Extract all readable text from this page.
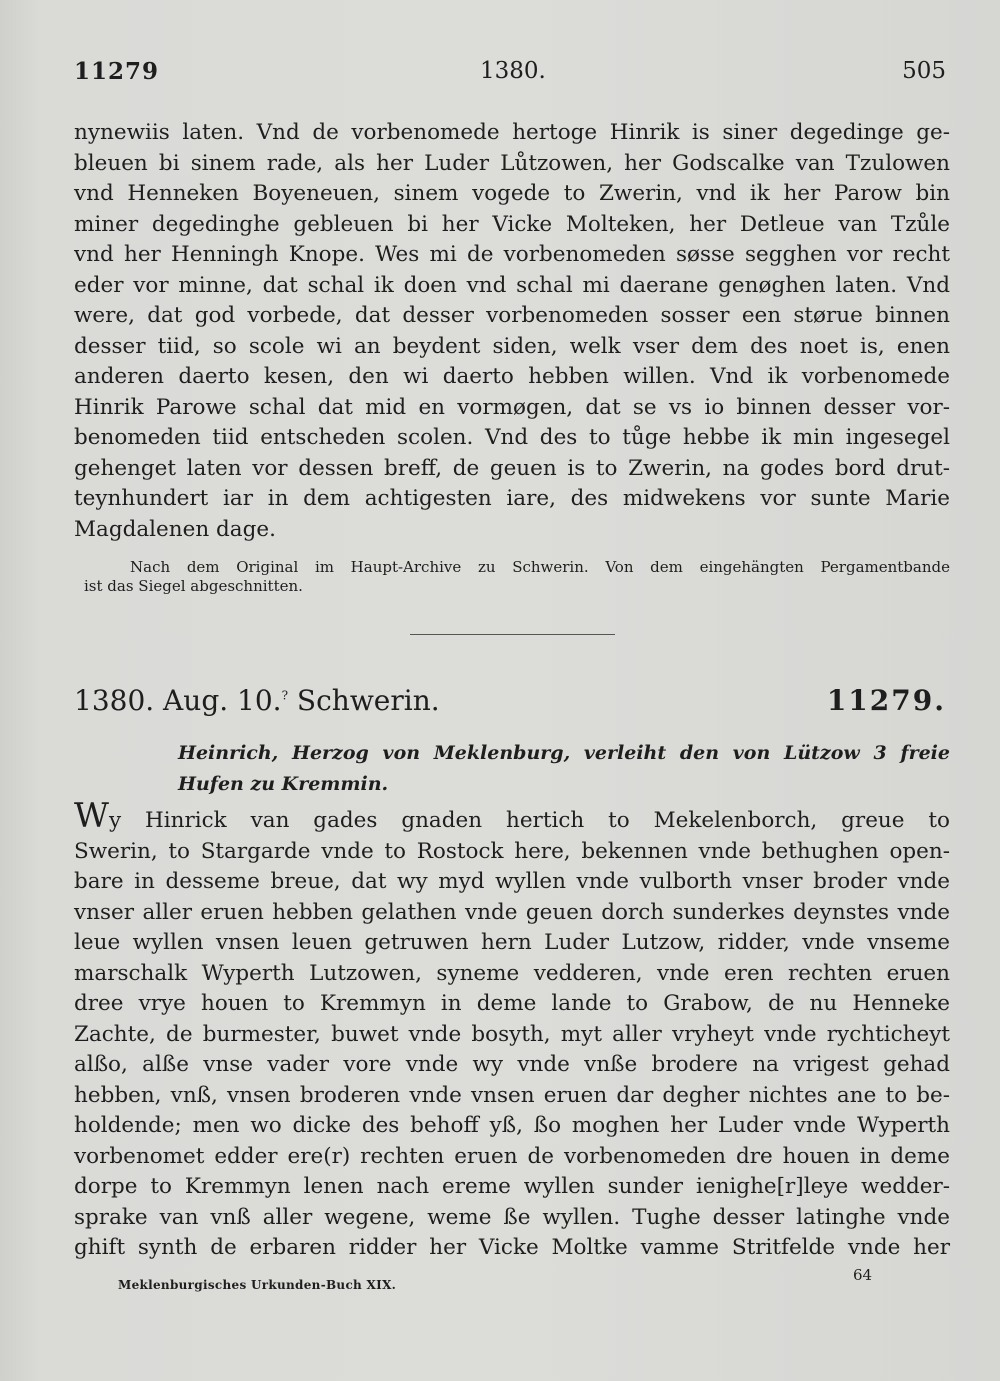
11279	1380.	505
nynewiis laten. Vnd de vorbenomede hertoge Hinrik is siner degedinge ge-
bleuen bi sinem rade, als her Luder Lůtzowen, her Godscalke van Tzulowen
vnd Henneken Boyeneuen, sinem vogede to Zwerin, vnd ik her Parow bin
miner degedinghe gebleuen bi her Vicke Molteken, her Detleue van Tzůle
vnd her Henningh Knope. Wes mi de vorbenomeden søsse segghen vor recht
eder vor minne, dat schal ik doen vnd schal mi daerane genøghen laten. Vnd
were, dat god vorbede, dat desser vorbenomeden sosser een størue binnen
desser tiid, so scole wi an beydent siden, welk vser dem des noet is, enen
anderen daerto kesen, den wi daerto hebben willen. Vnd ik vorbenomede
Hinrik Parowe schal dat mid en vormøgen, dat se vs io binnen desser vor-
benomeden tiid entscheden scolen. Vnd des to tůge hebbe ik min ingesegel
gehenget laten vor dessen breff, de geuen is to Zwerin, na godes bord drut-
teynhundert iar in dem achtigesten iare, des midwekens vor sunte Marie
Magdalenen dage.
Nach dem Original im Haupt-Archive zu Schwerin. Von dem eingehängten Pergamentbande
ist das Siegel abgeschnitten.
1380. Aug. 10.? Schwerin.	11279.
Heinrich, Herzog von Meklenburg, verleiht den von Lützow 3 freie
Hufen zu Kremmin.
Wy Hinrick van gades gnaden hertich to Mekelenborch, greue to
Swerin, to Stargarde vnde to Rostock here, bekennen vnde bethughen open-
bare in desseme breue, dat wy myd wyllen vnde vulborth vnser broder vnde
vnser aller eruen hebben gelathen vnde geuen dorch sunderkes deynstes vnde
leue wyllen vnsen leuen getruwen hern Luder Lutzow, ridder, vnde vnseme
marschalk Wyperth Lutzowen, syneme vedderen, vnde eren rechten eruen
dree vrye houen to Kremmyn in deme lande to Grabow, de nu Henneke
Zachte, de burmester, buwet vnde bosyth, myt aller vryheyt vnde rychticheyt
alßo, alße vnse vader vore vnde wy vnde vnße brodere na vrigest gehad
hebben, vnß, vnsen broderen vnde vnsen eruen dar degher nichtes ane to be-
holdende; men wo dicke des behoff yß, ßo moghen her Luder vnde Wyperth
vorbenomet edder ere(r) rechten eruen de vorbenomeden dre houen in deme
dorpe to Kremmyn lenen nach ereme wyllen sunder ienighe[r]leye wedder-
sprake van vnß aller wegene, weme ße wyllen. Tughe desser latinghe vnde
ghift synth de erbaren ridder her Vicke Moltke vamme Stritfelde vnde her
Meklenburgisches Urkunden-Buch XIX.
64
